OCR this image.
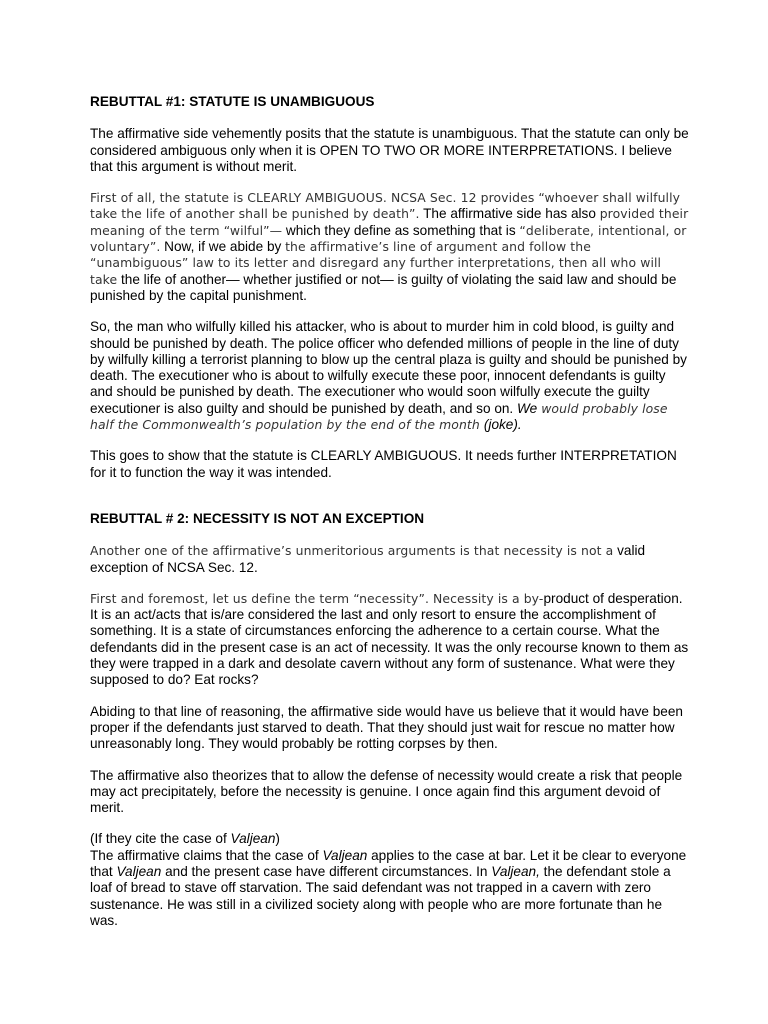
REBUTTAL #1: STATUTE IS UNAMBIGUOUS

The affirmative side vehemently posits that the statute is unambiguous. That the statute can only be considered ambiguous only when it is OPEN TO TWO OR MORE INTERPRETATIONS. I believe that this argument is without merit.

First of all, the statute is CLEARLY AMBIGUOUS. NCSA Sec. 12 provides “whoever shall wilfully take the life of another shall be punished by death”. The affirmative side has also provided their meaning of the term “wilful”— which they define as something that is “deliberate, intentional, or voluntary”. Now, if we abide by the affirmative’s line of argument and follow the “unambiguous” law to its letter and disregard any further interpretations, then all who will take the life of another— whether justified or not— is guilty of violating the said law and should be punished by the capital punishment.

So, the man who wilfully killed his attacker, who is about to murder him in cold blood, is guilty and should be punished by death. The police officer who defended millions of people in the line of duty by wilfully killing a terrorist planning to blow up the central plaza is guilty and should be punished by death. The executioner who is about to wilfully execute these poor, innocent defendants is guilty and should be punished by death. The executioner who would soon wilfully execute the guilty executioner is also guilty and should be punished by death, and so on. We would probably lose half the Commonwealth’s population by the end of the month (joke).

This goes to show that the statute is CLEARLY AMBIGUOUS. It needs further INTERPRETATION for it to function the way it was intended.

REBUTTAL # 2: NECESSITY IS NOT AN EXCEPTION

Another one of the affirmative’s unmeritorious arguments is that necessity is not a valid exception of NCSA Sec. 12.

First and foremost, let us define the term “necessity”. Necessity is a by-product of desperation. It is an act/acts that is/are considered the last and only resort to ensure the accomplishment of something. It is a state of circumstances enforcing the adherence to a certain course. What the defendants did in the present case is an act of necessity. It was the only recourse known to them as they were trapped in a dark and desolate cavern without any form of sustenance. What were they supposed to do? Eat rocks?

Abiding to that line of reasoning, the affirmative side would have us believe that it would have been proper if the defendants just starved to death. That they should just wait for rescue no matter how unreasonably long. They would probably be rotting corpses by then.

The affirmative also theorizes that to allow the defense of necessity would create a risk that people may act precipitately, before the necessity is genuine. I once again find this argument devoid of merit.

(If they cite the case of Valjean)

The affirmative claims that the case of Valjean applies to the case at bar. Let it be clear to everyone that Valjean and the present case have different circumstances. In Valjean, the defendant stole a loaf of bread to stave off starvation. The said defendant was not trapped in a cavern with zero sustenance. He was still in a civilized society along with people who are more fortunate than he was.
